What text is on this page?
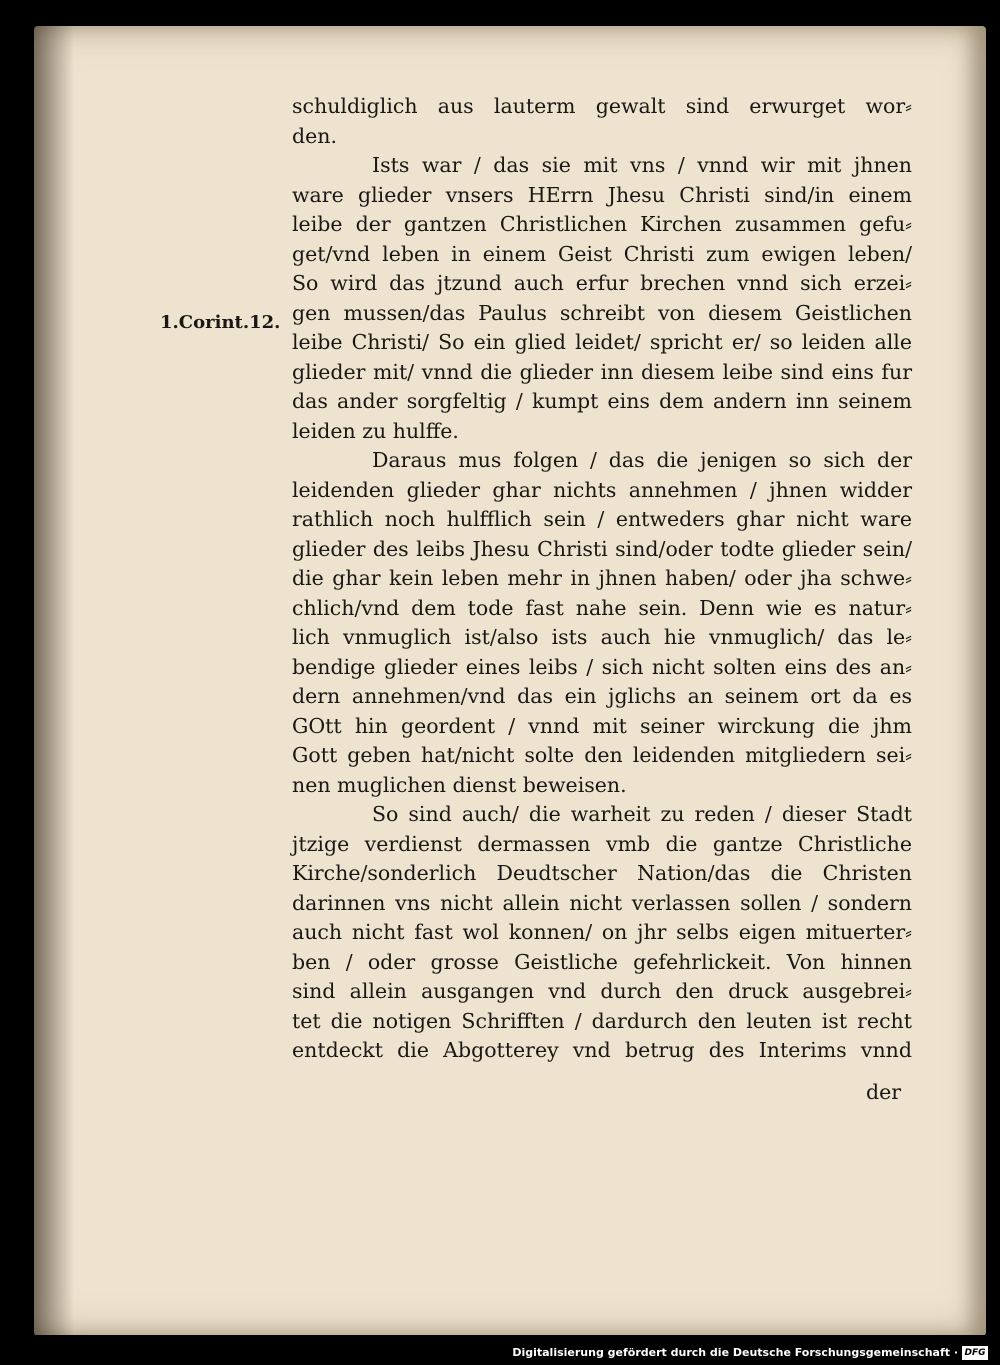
1.Corint.12.
schuldiglich aus lauterm gewalt sind erwurget wor⸗
den.
Ists war / das sie mit vns / vnnd wir mit jhnen
ware glieder vnsers HErrn Jhesu Christi sind/in einem
leibe der gantzen Christlichen Kirchen zusammen gefu⸗
get/vnd leben in einem Geist Christi zum ewigen leben/
So wird das jtzund auch erfur brechen vnnd sich erzei⸗
gen mussen/das Paulus schreibt von diesem Geistlichen
leibe Christi/ So ein glied leidet/ spricht er/ so leiden alle
glieder mit/ vnnd die glieder inn diesem leibe sind eins fur
das ander sorgfeltig / kumpt eins dem andern inn seinem
leiden zu hulffe.
Daraus mus folgen / das die jenigen so sich der
leidenden glieder ghar nichts annehmen / jhnen widder
rathlich noch hulfflich sein / entweders ghar nicht ware
glieder des leibs Jhesu Christi sind/oder todte glieder sein/
die ghar kein leben mehr in jhnen haben/ oder jha schwe⸗
chlich/vnd dem tode fast nahe sein. Denn wie es natur⸗
lich vnmuglich ist/also ists auch hie vnmuglich/ das le⸗
bendige glieder eines leibs / sich nicht solten eins des an⸗
dern annehmen/vnd das ein jglichs an seinem ort da es
GOtt hin geordent / vnnd mit seiner wirckung die jhm
Gott geben hat/nicht solte den leidenden mitgliedern sei⸗
nen muglichen dienst beweisen.
So sind auch/ die warheit zu reden / dieser Stadt
jtzige verdienst dermassen vmb die gantze Christliche
Kirche/sonderlich Deudtscher Nation/das die Christen
darinnen vns nicht allein nicht verlassen sollen / sondern
auch nicht fast wol konnen/ on jhr selbs eigen mituerter⸗
ben / oder grosse Geistliche gefehrlickeit. Von hinnen
sind allein ausgangen vnd durch den druck ausgebrei⸗
tet die notigen Schrifften / dardurch den leuten ist recht
entdeckt die Abgotterey vnd betrug des Interims vnnd
der
Digitalisierung gefördert durch die Deutsche Forschungsgemeinschaft · DFG
